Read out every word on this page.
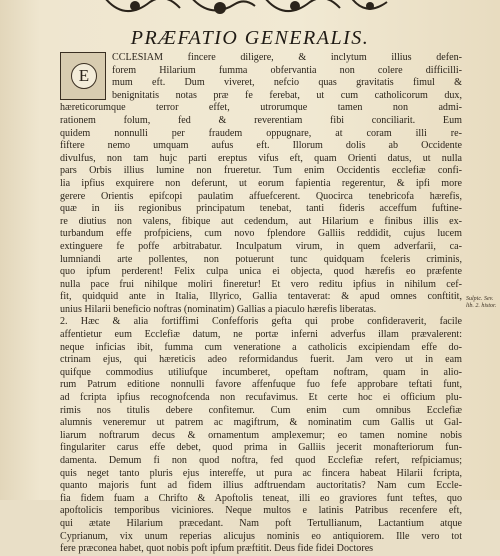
PRÆFATIO GENERALIS.
E
CCLESIAM fincere diligere, & inclytum illius defen-
forem Hilarium fumma obfervantia non colere difficilli-
mum eft. Dum viveret, nefcio quas gravitatis fimul &
benignitatis notas præ fe ferebat, ut cum catholicorum dux,
hæreticorumque terror effet, utrorumque tamen non admi-
rationem folum, fed & reverentiam fibi conciliarit. Eum
quidem nonnulli per fraudem oppugnare, at coram illi re-
fiftere nemo umquam aufus eft. Illorum dolis ab Occidente
divulfus, non tam hujc parti ereptus vifus eft, quam Orienti datus, ut nulla
pars Orbis illius lumine non frueretur. Tum enim Occidentis ecclefiæ confi-
lia ipfius exquirere non deferunt, ut eorum fapientia regerentur, & ipfi more
gerere Orientis epifcopi paulatim affuefcerent. Quocirca tenebricofa hærefis,
quæ in iis regionibus principatum tenebat, tanti fideris acceffum fuftine-
re diutius non valens, fibique aut cedendum, aut Hilarium e finibus illis ex-
turbandum effe profpiciens, cum novo fplendore Galliis reddidit, cujus lucem
extinguere fe poffe arbitrabatur. Inculpatum virum, in quem adverfarii, ca-
lumniandi arte pollentes, non potuerunt tunc quidquam fceleris criminis,
quo ipfum perderent! Felix culpa unica ei objecta, quod hærefis eo præfente
nulla pace frui nihilque moliri fineretur! Et vero reditu ipfius in nihilum cef-
fit, quidquid ante in Italia, Illyrico, Gallia tentaverat: & apud omnes conftitit,
unius Hilarii beneficio noftras (nominatim) Gallias a piaculo hærefis liberatas.
2. Hæc & alia fortiffimi Confefforis gefta qui probe confideraverit, facile
affentietur eum Ecclefiæ datum, ne portæ inferni adverfus illam prævalerent:
neque inficias ibit, fumma cum veneratione a catholicis excipiendam effe do-
ctrinam ejus, qui hæreticis adeo reformidandus fuerit. Jam vero ut in eam
quifque commodius utiliufque incumberet, opeftam noftram, quam in alio-
rum Patrum editione nonnulli favore affenfuque fuo fefe approbare teftati funt,
ad fcripta ipfius recognofcenda non recufavimus. Et certe hoc ei officium plu-
rimis nos titulis debere confitemur. Cum enim cum omnibus Ecclefiæ
alumnis veneremur ut patrem ac magiftrum, & nominatim cum Gallis ut Gal-
liarum noftrarum decus & ornamentum amplexemur; eo tamen nomine nobis
fingulariter carus effe debet, quod prima in Galliis jecerit monafteriorum fun-
damenta. Demum fi non quod noftra, fed quod Ecclefiæ refert, refpiciamus;
quis neget tanto pluris ejus intereffe, ut pura ac fincera habeat Hilarii fcripta,
quanto majoris funt ad fidem illius adftruendam auctoritatis? Nam cum Eccle-
fia fidem fuam a Chrifto & Apoftolis teneat, illi eo graviores funt teftes, quo
apoftolicis temporibus viciniores. Neque multos e latinis Patribus recenfere eft,
qui ætate Hilarium præcedant. Nam poft Tertullianum, Lactantium atque
Cyprianum, vix unum reperias alicujus nominis eo antiquiorem. Ille vero tot
fere præconea habet, quot nobis poft ipfum præftitit. Deus fide fidei Doctores
Sulpic. Sev. lib. 2. histor.
